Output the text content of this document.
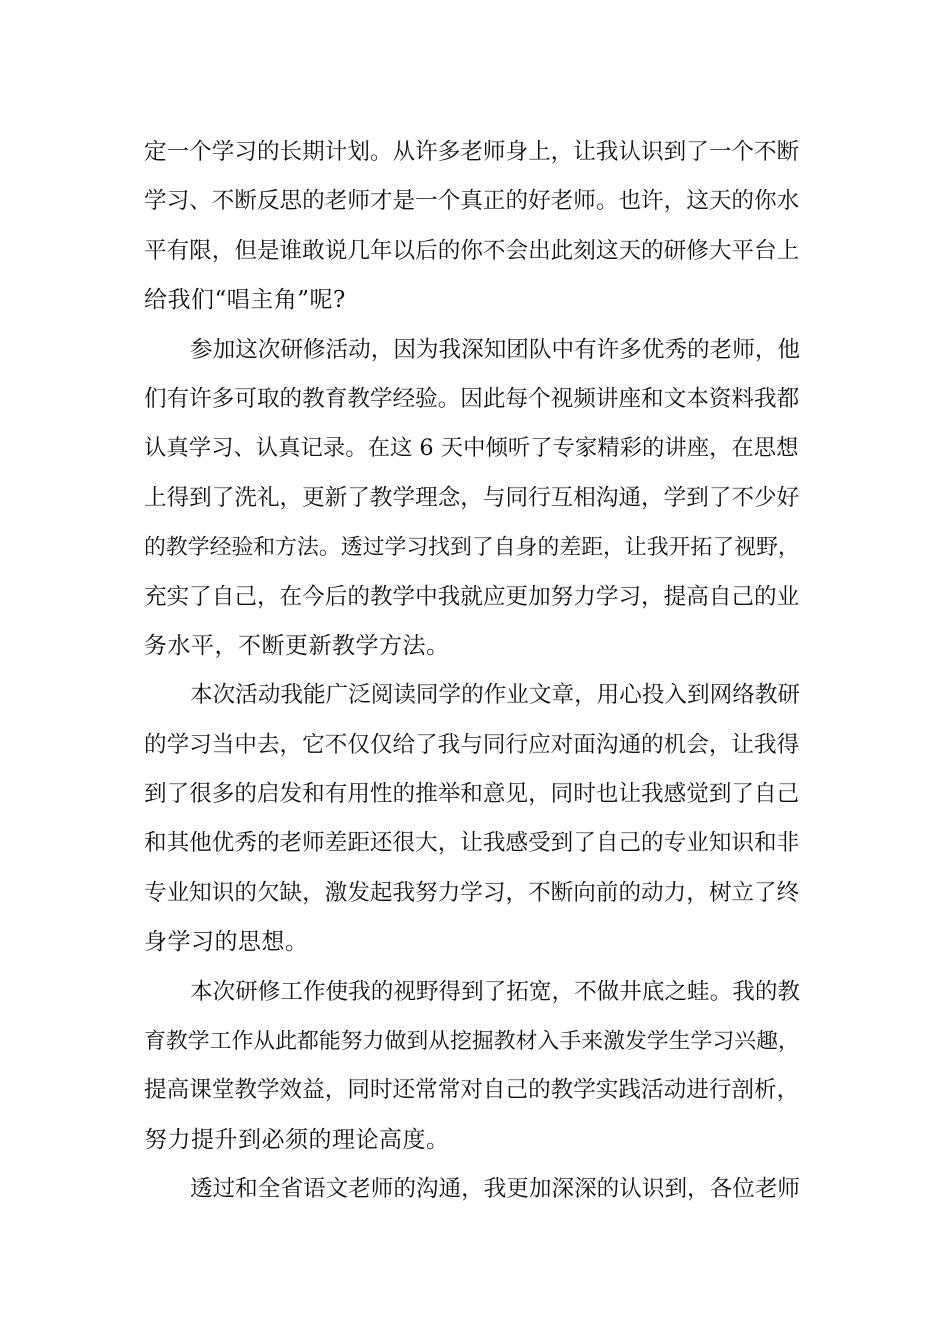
定一个学习的长期计划。从许多老师身上，让我认识到了一个不断
学习、不断反思的老师才是一个真正的好老师。也许，这天的你水
平有限，但是谁敢说几年以后的你不会出此刻这天的研修大平台上
给我们“唱主角”呢?
参加这次研修活动，因为我深知团队中有许多优秀的老师，他
们有许多可取的教育教学经验。因此每个视频讲座和文本资料我都
认真学习、认真记录。在这 6 天中倾听了专家精彩的讲座，在思想
上得到了洗礼，更新了教学理念，与同行互相沟通，学到了不少好
的教学经验和方法。透过学习找到了自身的差距，让我开拓了视野，
充实了自己，在今后的教学中我就应更加努力学习，提高自己的业
务水平，不断更新教学方法。
本次活动我能广泛阅读同学的作业文章，用心投入到网络教研
的学习当中去，它不仅仅给了我与同行应对面沟通的机会，让我得
到了很多的启发和有用性的推举和意见，同时也让我感觉到了自己
和其他优秀的老师差距还很大，让我感受到了自己的专业知识和非
专业知识的欠缺，激发起我努力学习，不断向前的动力，树立了终
身学习的思想。
本次研修工作使我的视野得到了拓宽，不做井底之蛙。我的教
育教学工作从此都能努力做到从挖掘教材入手来激发学生学习兴趣，
提高课堂教学效益，同时还常常对自己的教学实践活动进行剖析，
努力提升到必须的理论高度。
透过和全省语文老师的沟通，我更加深深的认识到，各位老师
